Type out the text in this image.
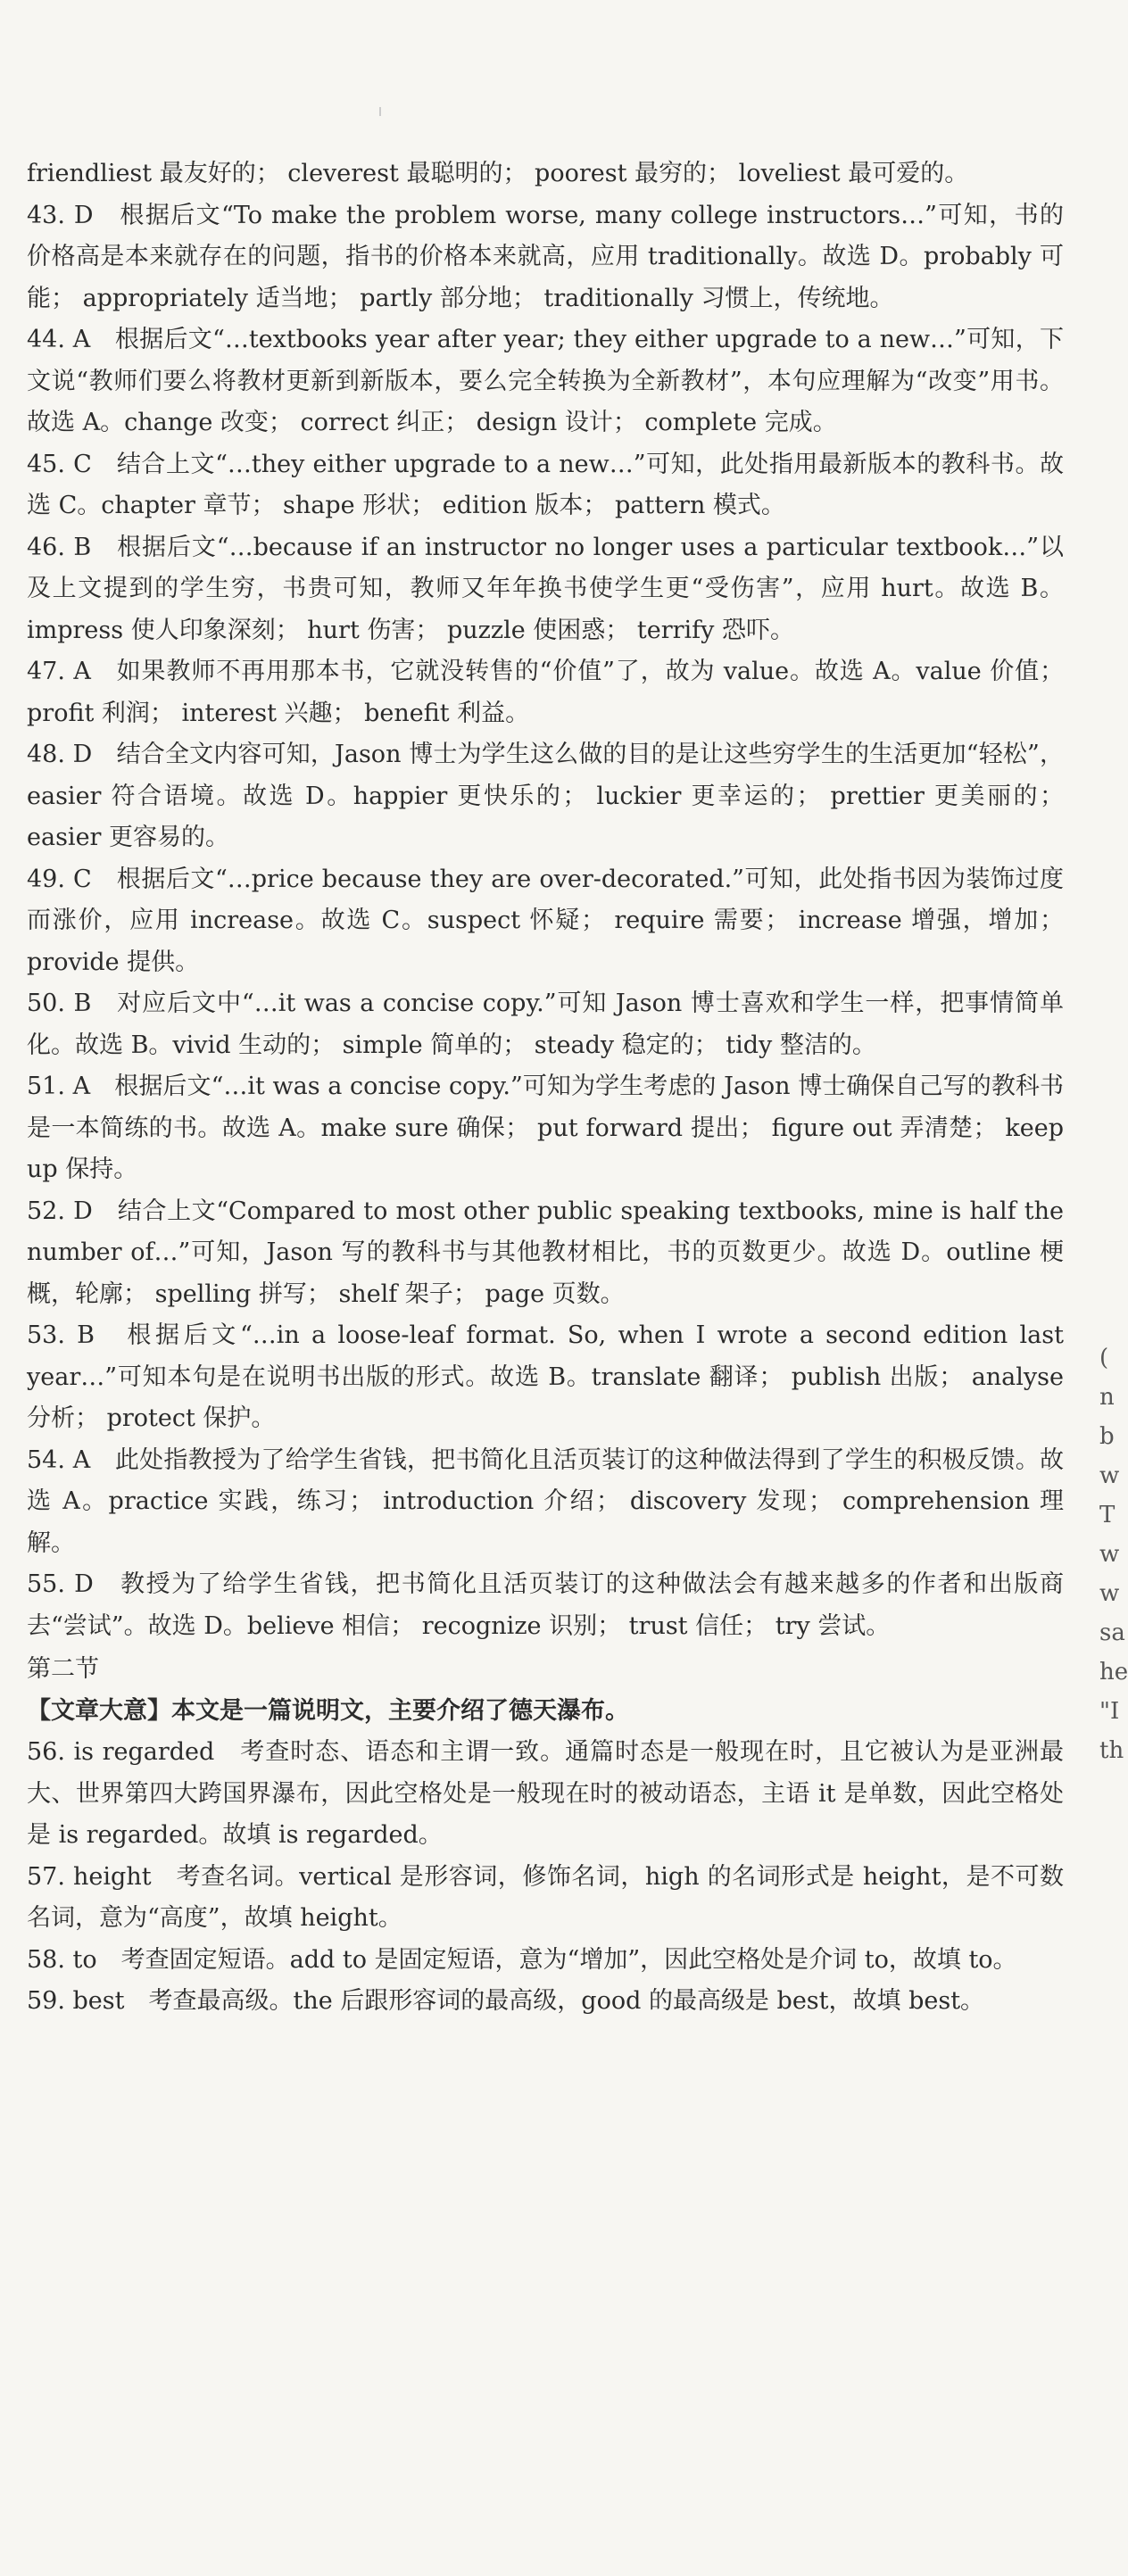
friendliest 最友好的； cleverest 最聪明的； poorest 最穷的； loveliest 最可爱的。

43. D　根据后文“To make the problem worse, many college instructors…”可知，书的价格高是本来就存在的问题，指书的价格本来就高，应用 traditionally。故选 D。probably 可能； appropriately 适当地； partly 部分地； traditionally 习惯上，传统地。

44. A　根据后文“…textbooks year after year; they either upgrade to a new…”可知，下文说“教师们要么将教材更新到新版本，要么完全转换为全新教材”，本句应理解为“改变”用书。故选 A。change 改变； correct 纠正； design 设计； complete 完成。

45. C　结合上文“…they either upgrade to a new…”可知，此处指用最新版本的教科书。故选 C。chapter 章节； shape 形状； edition 版本； pattern 模式。

46. B　根据后文“…because if an instructor no longer uses a particular textbook…”以及上文提到的学生穷，书贵可知，教师又年年换书使学生更“受伤害”，应用 hurt。故选 B。impress 使人印象深刻； hurt 伤害； puzzle 使困惑； terrify 恐吓。

47. A　如果教师不再用那本书，它就没转售的“价值”了，故为 value。故选 A。value 价值； profit 利润； interest 兴趣； benefit 利益。

48. D　结合全文内容可知，Jason 博士为学生这么做的目的是让这些穷学生的生活更加“轻松”，easier 符合语境。故选 D。happier 更快乐的； luckier 更幸运的； prettier 更美丽的； easier 更容易的。

49. C　根据后文“…price because they are over-decorated.”可知，此处指书因为装饰过度而涨价，应用 increase。故选 C。suspect 怀疑； require 需要； increase 增强，增加； provide 提供。

50. B　对应后文中“…it was a concise copy.”可知 Jason 博士喜欢和学生一样，把事情简单化。故选 B。vivid 生动的； simple 简单的； steady 稳定的； tidy 整洁的。

51. A　根据后文“…it was a concise copy.”可知为学生考虑的 Jason 博士确保自己写的教科书是一本简练的书。故选 A。make sure 确保； put forward 提出； figure out 弄清楚； keep up 保持。

52. D　结合上文“Compared to most other public speaking textbooks, mine is half the number of…”可知，Jason 写的教科书与其他教材相比，书的页数更少。故选 D。outline 梗概，轮廓； spelling 拼写； shelf 架子； page 页数。

53. B　根据后文“…in a loose-leaf format. So, when I wrote a second edition last year…”可知本句是在说明书出版的形式。故选 B。translate 翻译； publish 出版； analyse 分析； protect 保护。

54. A　此处指教授为了给学生省钱，把书简化且活页装订的这种做法得到了学生的积极反馈。故选 A。practice 实践，练习； introduction 介绍； discovery 发现； comprehension 理解。

55. D　教授为了给学生省钱，把书简化且活页装订的这种做法会有越来越多的作者和出版商去“尝试”。故选 D。believe 相信； recognize 识别； trust 信任； try 尝试。

第二节

【文章大意】本文是一篇说明文，主要介绍了德天瀑布。

56. is regarded　考查时态、语态和主谓一致。通篇时态是一般现在时，且它被认为是亚洲最大、世界第四大跨国界瀑布，因此空格处是一般现在时的被动语态，主语 it 是单数，因此空格处是 is regarded。故填 is regarded。

57. height　考查名词。vertical 是形容词，修饰名词，high 的名词形式是 height，是不可数名词，意为“高度”，故填 height。

58. to　考查固定短语。add to 是固定短语，意为“增加”，因此空格处是介词 to，故填 to。

59. best　考查最高级。the 后跟形容词的最高级，good 的最高级是 best，故填 best。

(
n
b
w
T
w
w
sa
he
"I
th
